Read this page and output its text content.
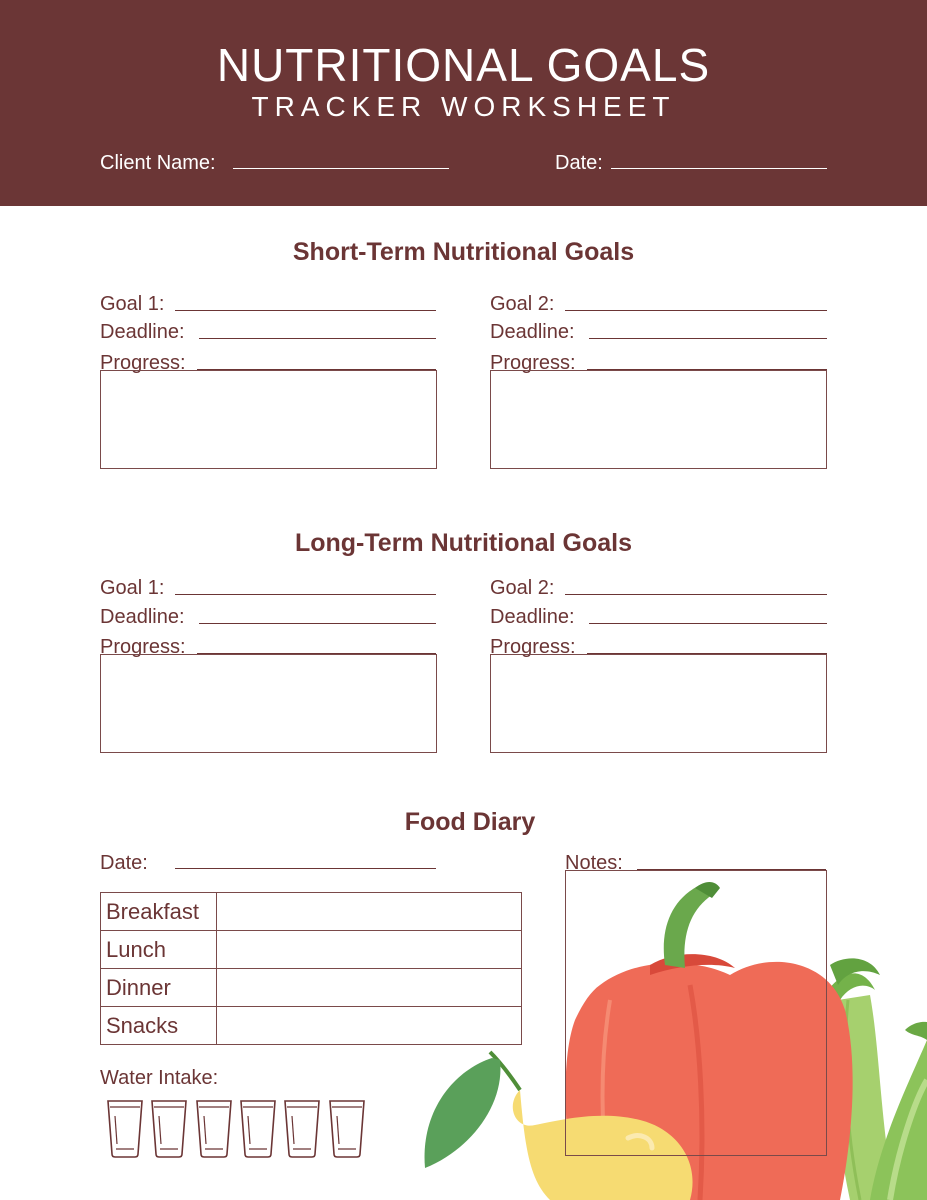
NUTRITIONAL GOALS
TRACKER WORKSHEET
Client Name:	Date:
Short-Term Nutritional Goals
Goal 1:
Deadline:
Progress:
Goal 2:
Deadline:
Progress:
Long-Term Nutritional Goals
Goal 1:
Deadline:
Progress:
Goal 2:
Deadline:
Progress:
Food Diary
Date:	Notes:
Breakfast	
Lunch	
Dinner	
Snacks	
Water Intake:
